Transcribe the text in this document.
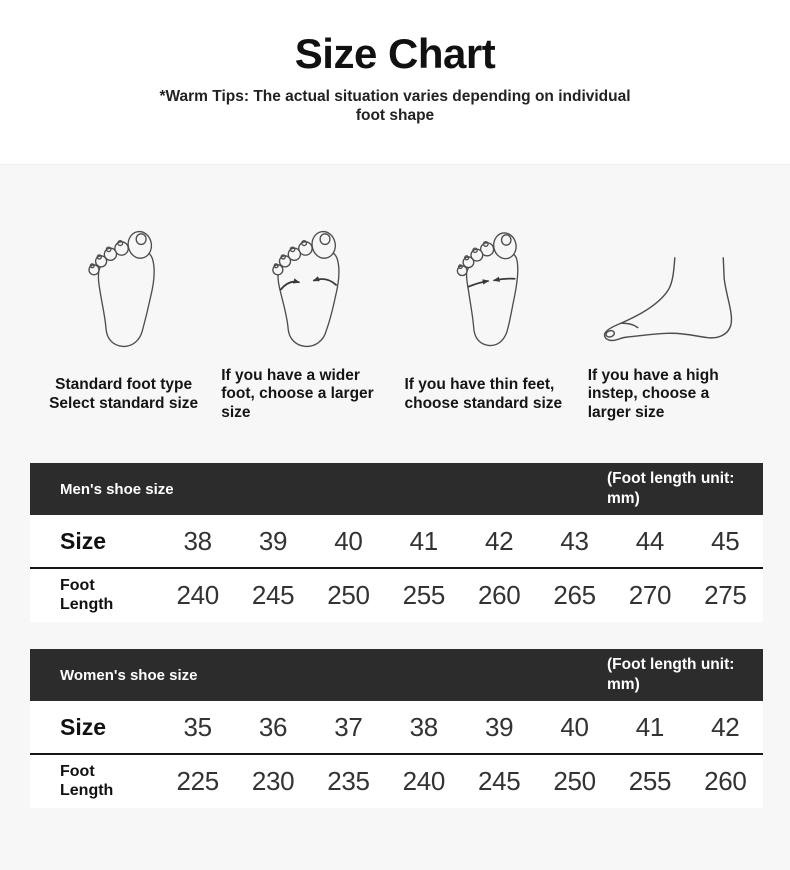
Size Chart

*Warm Tips: The actual situation varies depending on individual foot shape

Standard foot type Select standard size
If you have a wider foot, choose a larger size
If you have thin feet, choose standard size
If you have a high instep, choose a larger size
Men's shoe size
(Foot length unit: mm)
Size	38	39	40	41	42	43	44	45

Foot Length	240	245	250	255	260	265	270	275
Women's shoe size
(Foot length unit: mm)
Size	35	36	37	38	39	40	41	42

Foot Length	225	230	235	240	245	250	255	260
